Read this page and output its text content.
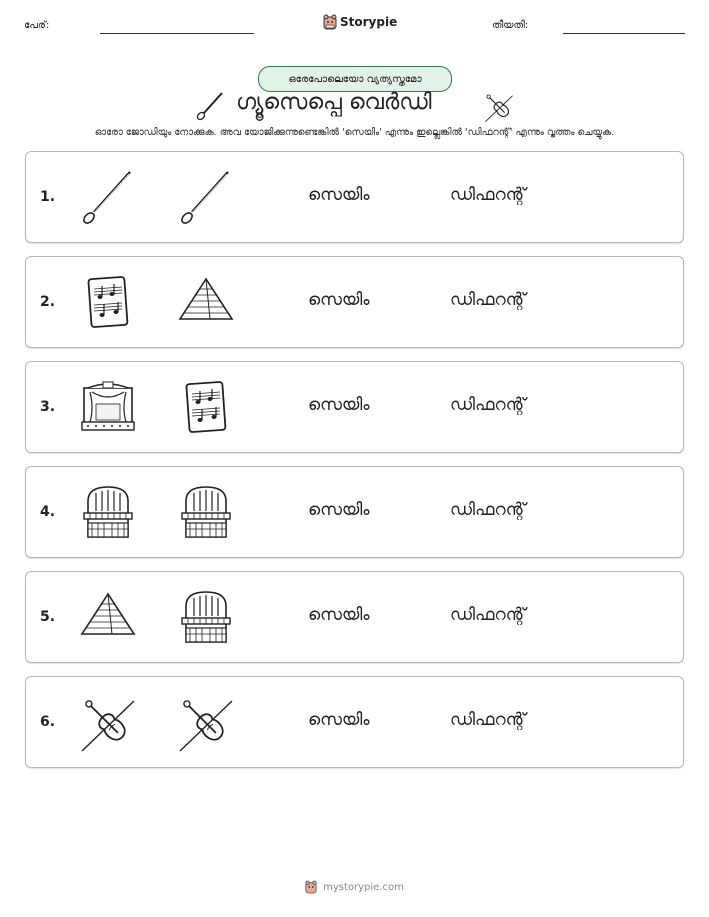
പേര്:	Storypie	തീയതി:
ഒരേപോലെയോ വ്യത്യസ്തമോ
ഗ്യൂസെപ്പെ വെർഡി
ഓരോ ജോഡിയും നോക്കുക. അവ യോജിക്കുന്നുണ്ടെങ്കിൽ 'സെയിം' എന്നും ഇല്ലെങ്കിൽ 'ഡിഫറന്റ്' എന്നും വൃത്തം ചെയ്യുക.
1.	സെയിം	ഡിഫറന്റ്
2.	സെയിം	ഡിഫറന്റ്
3.	സെയിം	ഡിഫറന്റ്
4.	സെയിം	ഡിഫറന്റ്
5.	സെയിം	ഡിഫറന്റ്
6.	സെയിം	ഡിഫറന്റ്
mystorypie.com
